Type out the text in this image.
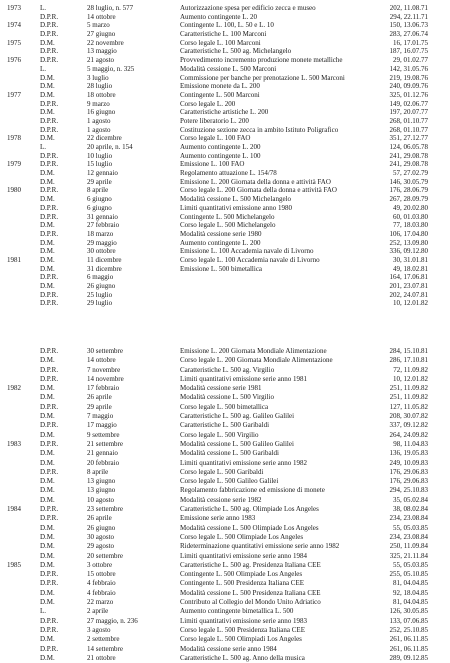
1973	L.	28 luglio, n. 577	Autorizzazione spesa per edificio zecca e museo	202, 11.08.71
D.P.R.	14 ottobre	Aumento contingente L. 20	294, 22.11.71
1974	D.P.R.	5 marzo	Contingente L. 100, L. 50 e L. 10	150, 13.06.73
D.P.R.	27 giugno	Caratteristiche L. 100 Marconi	283, 27.06.74
1975	D.M.	22 novembre	Corso legale L. 100 Marconi	16, 17.01.75
D.P.R.	13 maggio	Caratteristiche L. 500 ag. Michelangelo	187, 16.07.75
1976	D.P.R.	21 agosto	Provvedimento incremento produzione monete metalliche	29, 01.02.77
L.	5 maggio, n. 325	Modalità cessione L. 500 Marconi	142, 31.05.76
D.M.	3 luglio	Commissione per banche per prenotazione L. 500 Marconi	219, 19.08.76
D.M.	28 luglio	Emissione monete da L. 200	240, 09.09.76
1977	D.M.	18 ottobre	Contingente L. 500 Marconi	325, 01.12.76
D.P.R.	9 marzo	Corso legale L. 200	149, 02.06.77
D.M.	16 giugno	Caratteristiche artistiche L. 200	197, 20.07.77
D.P.R.	1 agosto	Potere liberatorio L. 200	268, 01.10.77
D.P.R.	1 agosto	Costituzione sezione zecca in ambito Istituto Poligrafico	268, 01.10.77
1978	D.M.	22 dicembre	Corso legale L. 100 FAO	351, 27.12.77
L.	20 aprile, n. 154	Aumento contingente L. 200	124, 06.05.78
D.P.R.	10 luglio	Aumento contingente L. 100	241, 29.08.78
1979	D.P.R.	15 luglio	Emissione L. 100 FAO	241, 29.08.78
D.M.	12 gennaio	Regolamento attuazione L. 154/78	57, 27.02.79
D.M.	29 aprile	Emissione L. 200 Giornata della donna e attività FAO	146, 30.05.79
1980	D.P.R.	8 aprile	Corso legale L. 200 Giornata della donna e attività FAO	176, 28.06.79
D.M.	6 giugno	Modalità cessione L. 500 Michelangelo	267, 28.09.79
D.P.R.	6 giugno	Limiti quantitativi emissione anno 1980	49, 20.02.80
D.P.R.	31 gennaio	Contingente L. 500 Michelangelo	60, 01.03.80
D.M.	27 febbraio	Corso legale L. 500 Michelangelo	77, 18.03.80
D.P.R.	18 marzo	Modalità cessione serie 1980	106, 17.04.80
D.M.	29 maggio	Aumento contingente L. 200	252, 13.09.80
D.M.	30 ottobre	Emissione L. 100 Accademia navale di Livorno	336, 09.12.80
1981	D.M.	11 dicembre	Corso legale L. 100 Accademia navale di Livorno	30, 31.01.81
D.M.	31 dicembre	Emissione L. 500 bimetallica	49, 18.02.81
D.P.R.	6 maggio	164, 17.06.81
D.M.	26 giugno	201, 23.07.81
D.P.R.	25 luglio	202, 24.07.81
D.P.R.	29 luglio	10, 12.01.82
D.P.R.	30 settembre	Emissione L. 200 Giornata Mondiale Alimentazione	284, 15.10.81
D.M.	14 ottobre	Corso legale L. 200 Giornata Mondiale Alimentazione	286, 17.10.81
D.P.R.	7 novembre	Caratteristiche L. 500 ag. Virgilio	72, 11.09.82
D.P.R.	14 novembre	Limiti quantitativi emissione serie anno 1981	10, 12.01.82
1982	D.M.	17 febbraio	Modalità cessione serie 1981	251, 11.09.82
D.M.	26 aprile	Modalità cessione L. 500 Virgilio	251, 11.09.82
D.P.R.	29 aprile	Corso legale L. 500 bimetallica	127, 11.05.82
D.M.	7 maggio	Caratteristiche L. 500 ag. Galileo Galilei	208, 30.07.82
D.P.R.	17 maggio	Caratteristiche L. 500 Garibaldi	337, 09.12.82
D.M.	9 settembre	Corso legale L. 500 Virgilio	264, 24.09.82
1983	D.P.R.	21 settembre	Modalità cessione L. 500 Galileo Galilei	98, 11.04.83
D.M.	21 gennaio	Modalità cessione L. 500 Garibaldi	136, 19.05.83
D.M.	20 febbraio	Limiti quantitativi emissione serie anno 1982	249, 10.09.83
D.P.R.	8 aprile	Corso legale L. 500 Garibaldi	176, 29.06.83
D.M.	13 giugno	Corso legale L. 500 Galileo Galilei	176, 29.06.83
D.M.	13 giugno	Regolamento fabbricazione ed emissione di monete	294, 25.10.83
D.M.	10 agosto	Modalità cessione serie 1982	35, 05.02.84
1984	D.P.R.	23 settembre	Caratteristiche L. 500 ag. Olimpiade Los Angeles	38, 08.02.84
D.P.R.	26 aprile	Emissione serie anno 1983	234, 23.08.84
D.M.	26 giugno	Modalità cessione L. 500 Olimpiade Los Angeles	55, 05.03.85
D.M.	30 agosto	Corso legale L. 500 Olimpiade Los Angeles	234, 23.08.84
D.M.	29 agosto	Rideterminazione quantitativi emissione serie anno 1982	250, 11.09.84
D.M.	20 settembre	Limiti quantitativi emissione serie anno 1984	325, 21.11.84
1985	D.M.	3 ottobre	Caratteristiche L. 500 ag. Presidenza Italiana CEE	55, 05.03.85
D.P.R.	15 ottobre	Contingente L. 500 Olimpiade Los Angeles	255, 05.10.85
D.P.R.	4 febbraio	Contingente L. 500 Presidenza Italiana CEE	81, 04.04.85
D.M.	4 febbraio	Modalità cessione L. 500 Presidenza Italiana CEE	92, 18.04.85
D.M.	22 marzo	Contributo al Collegio del Mondo Unito Adriatico	81, 04.04.85
L.	2 aprile	Aumento contingente bimetallica L. 500	126, 30.05.85
D.P.R.	27 maggio, n. 236	Limiti quantitativi emissione serie anno 1983	133, 07.06.85
D.P.R.	3 agosto	Corso legale L. 500 Presidenza Italiana CEE	252, 25.10.85
D.M.	2 settembre	Corso legale L. 500 Olimpiadi Los Angeles	261, 06.11.85
D.P.R.	14 settembre	Modalità cessione serie anno 1984	261, 06.11.85
D.M.	21 ottobre	Caratteristiche L. 500 ag. Anno della musica	289, 09.12.85
